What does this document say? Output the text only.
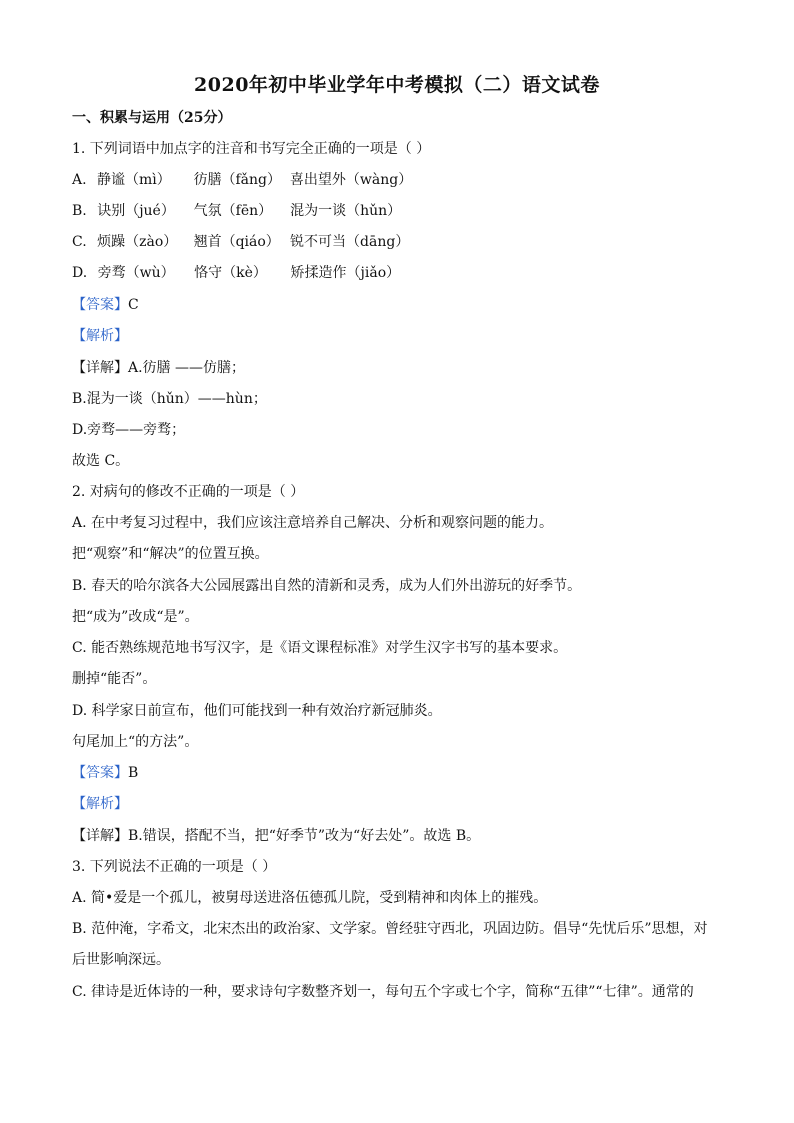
2020年初中毕业学年中考模拟（二）语文试卷
一、积累与运用（25分）
1. 下列词语中加点字的注音和书写完全正确的一项是（ ）
A. 静谧（mì） 彷膳（fǎng） 喜出望外（wàng）
B. 诀别（jué） 气氛（fēn） 混为一谈（hǔn）
C. 烦躁（zào） 翘首（qiáo） 锐不可当（dāng）
D. 旁骛（wù） 恪守（kè） 矫揉造作（jiǎo）
【答案】C
【解析】
【详解】A.彷膳 ——仿膳；
B.混为一谈（hǔn）——hùn；
D.旁骛——旁骛；
故选 C。
2. 对病句的修改不正确的一项是（ ）
A. 在中考复习过程中，我们应该注意培养自己解决、分析和观察问题的能力。
把“观察”和“解决”的位置互换。
B. 春天的哈尔滨各大公园展露出自然的清新和灵秀，成为人们外出游玩的好季节。
把“成为”改成“是”。
C. 能否熟练规范地书写汉字，是《语文课程标准》对学生汉字书写的基本要求。
删掉“能否”。
D. 科学家日前宣布，他们可能找到一种有效治疗新冠肺炎。
句尾加上“的方法”。
【答案】B
【解析】
【详解】B.错误，搭配不当，把“好季节”改为“好去处”。故选 B。
3. 下列说法不正确的一项是（ ）
A. 简•爱是一个孤儿，被舅母送进洛伍德孤儿院，受到精神和肉体上的摧残。
B. 范仲淹，字希文，北宋杰出的政治家、文学家。曾经驻守西北，巩固边防。倡导“先忧后乐”思想，对
后世影响深远。
C. 律诗是近体诗的一种，要求诗句字数整齐划一，每句五个字或七个字，简称“五律”“七律”。通常的
